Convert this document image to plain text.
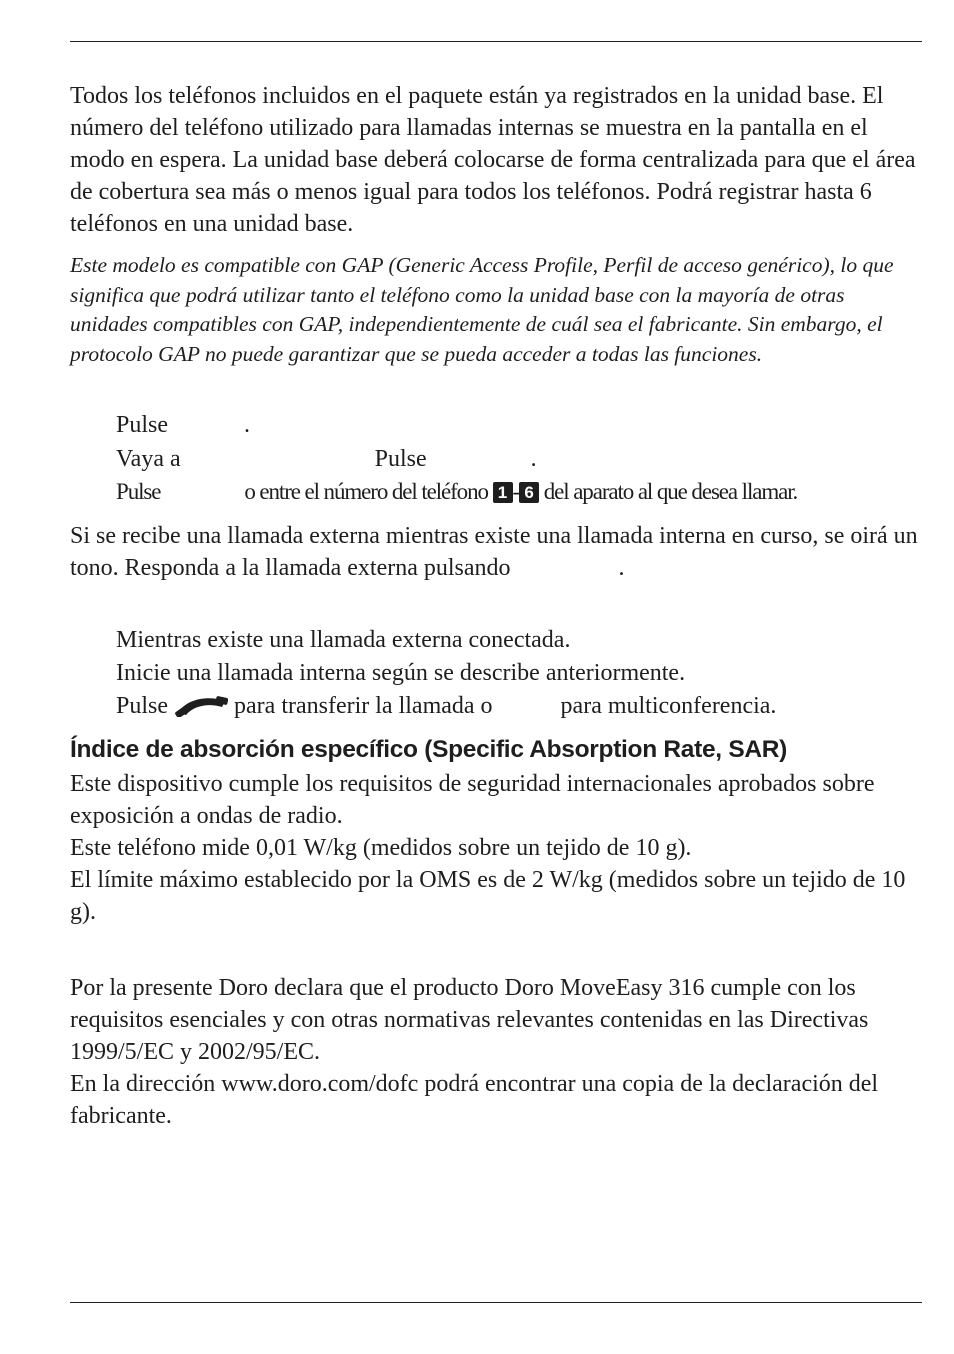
Todos los teléfonos incluidos en el paquete están ya registrados en la unidad base. El número del teléfono utilizado para llamadas internas se muestra en la pantalla en el modo en espera. La unidad base deberá colocarse de forma centralizada para que el área de cobertura sea más o menos igual para todos los teléfonos. Podrá registrar hasta 6 teléfonos en una unidad base.
Este modelo es compatible con GAP (Generic Access Profile, Perfil de acceso genérico), lo que significa que podrá utilizar tanto el teléfono como la unidad base con la mayoría de otras unidades compatibles con GAP, independientemente de cuál sea el fabricante. Sin embargo, el protocolo GAP no puede garantizar que se pueda acceder a todas las funciones.
Pulse	.
Vaya a	Pulse	.
Pulse	o entre el número del teléfono 1 - 6 del aparato al que desea llamar.
Si se recibe una llamada externa mientras existe una llamada interna en curso, se oirá un tono. Responda a la llamada externa pulsando	.
Mientras existe una llamada externa conectada.
Inicie una llamada interna según se describe anteriormente.
Pulse	para transferir la llamada o	para multiconferencia.
Índice de absorción específico (Specific Absorption Rate, SAR)
Este dispositivo cumple los requisitos de seguridad internacionales aprobados sobre exposición a ondas de radio.
Este teléfono mide 0,01 W/kg (medidos sobre un tejido de 10 g).
El límite máximo establecido por la OMS es de 2 W/kg (medidos sobre un tejido de 10 g).
Por la presente Doro declara que el producto Doro MoveEasy 316 cumple con los requisitos esenciales y con otras normativas relevantes contenidas en las Directivas 1999/5/EC y 2002/95/EC.
En la dirección www.doro.com/dofc podrá encontrar una copia de la declaración del fabricante.
